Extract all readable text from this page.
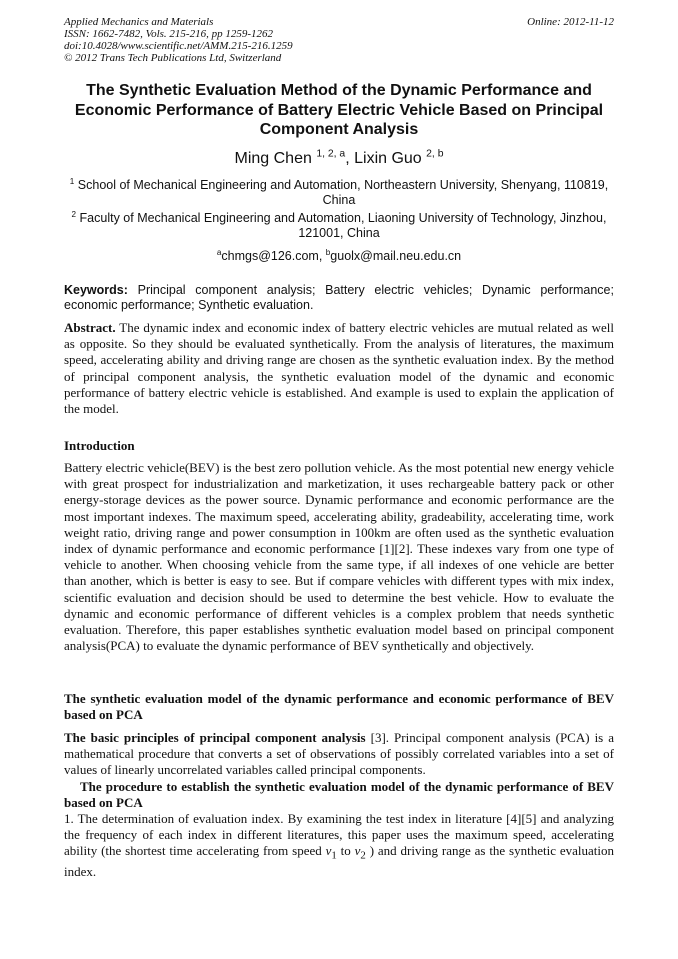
Applied Mechanics and Materials
ISSN: 1662-7482, Vols. 215-216, pp 1259-1262
doi:10.4028/www.scientific.net/AMM.215-216.1259
© 2012 Trans Tech Publications Ltd, Switzerland
Online: 2012-11-12
The Synthetic Evaluation Method of the Dynamic Performance and Economic Performance of Battery Electric Vehicle Based on Principal Component Analysis
Ming Chen $^{1, 2, a}$, Lixin Guo $^{2, b}$
$^1$ School of Mechanical Engineering and Automation, Northeastern University, Shenyang, 110819, China
$^2$ Faculty of Mechanical Engineering and Automation, Liaoning University of Technology, Jinzhou, 121001, China
$^a$chmgs@126.com, $^b$guolx@mail.neu.edu.cn
Keywords: Principal component analysis; Battery electric vehicles; Dynamic performance; economic performance; Synthetic evaluation.
Abstract. The dynamic index and economic index of battery electric vehicles are mutual related as well as opposite. So they should be evaluated synthetically. From the analysis of literatures, the maximum speed, accelerating ability and driving range are chosen as the synthetic evaluation index. By the method of principal component analysis, the synthetic evaluation model of the dynamic and economic performance of battery electric vehicle is established. And example is used to explain the application of the model.
Introduction
Battery electric vehicle(BEV) is the best zero pollution vehicle. As the most potential new energy vehicle with great prospect for industrialization and marketization, it uses rechargeable battery pack or other energy-storage devices as the power source. Dynamic performance and economic performance are the most important indexes. The maximum speed, accelerating ability, gradeability, accelerating time, work weight ratio, driving range and power consumption in 100km are often used as the synthetic evaluation index of dynamic performance and economic performance [1][2]. These indexes vary from one type of vehicle to another. When choosing vehicle from the same type, if all indexes of one vehicle are better than another, which is better is easy to see. But if compare vehicles with different types with mix index, scientific evaluation and decision should be used to determine the best vehicle. How to evaluate the dynamic and economic performance of different vehicles is a complex problem that needs synthetic evaluation. Therefore, this paper establishes synthetic evaluation model based on principal component analysis(PCA) to evaluate the dynamic performance of BEV synthetically and objectively.
The synthetic evaluation model of the dynamic performance and economic performance of BEV based on PCA
The basic principles of principal component analysis [3]. Principal component analysis (PCA) is a mathematical procedure that converts a set of observations of possibly correlated variables into a set of values of linearly uncorrelated variables called principal components.
The procedure to establish the synthetic evaluation model of the dynamic performance of BEV based on PCA
1. The determination of evaluation index. By examining the test index in literature [4][5] and analyzing the frequency of each index in different literatures, this paper uses the maximum speed, accelerating ability (the shortest time accelerating from speed $v_1$ to $v_2$ ) and driving range as the synthetic evaluation index.
